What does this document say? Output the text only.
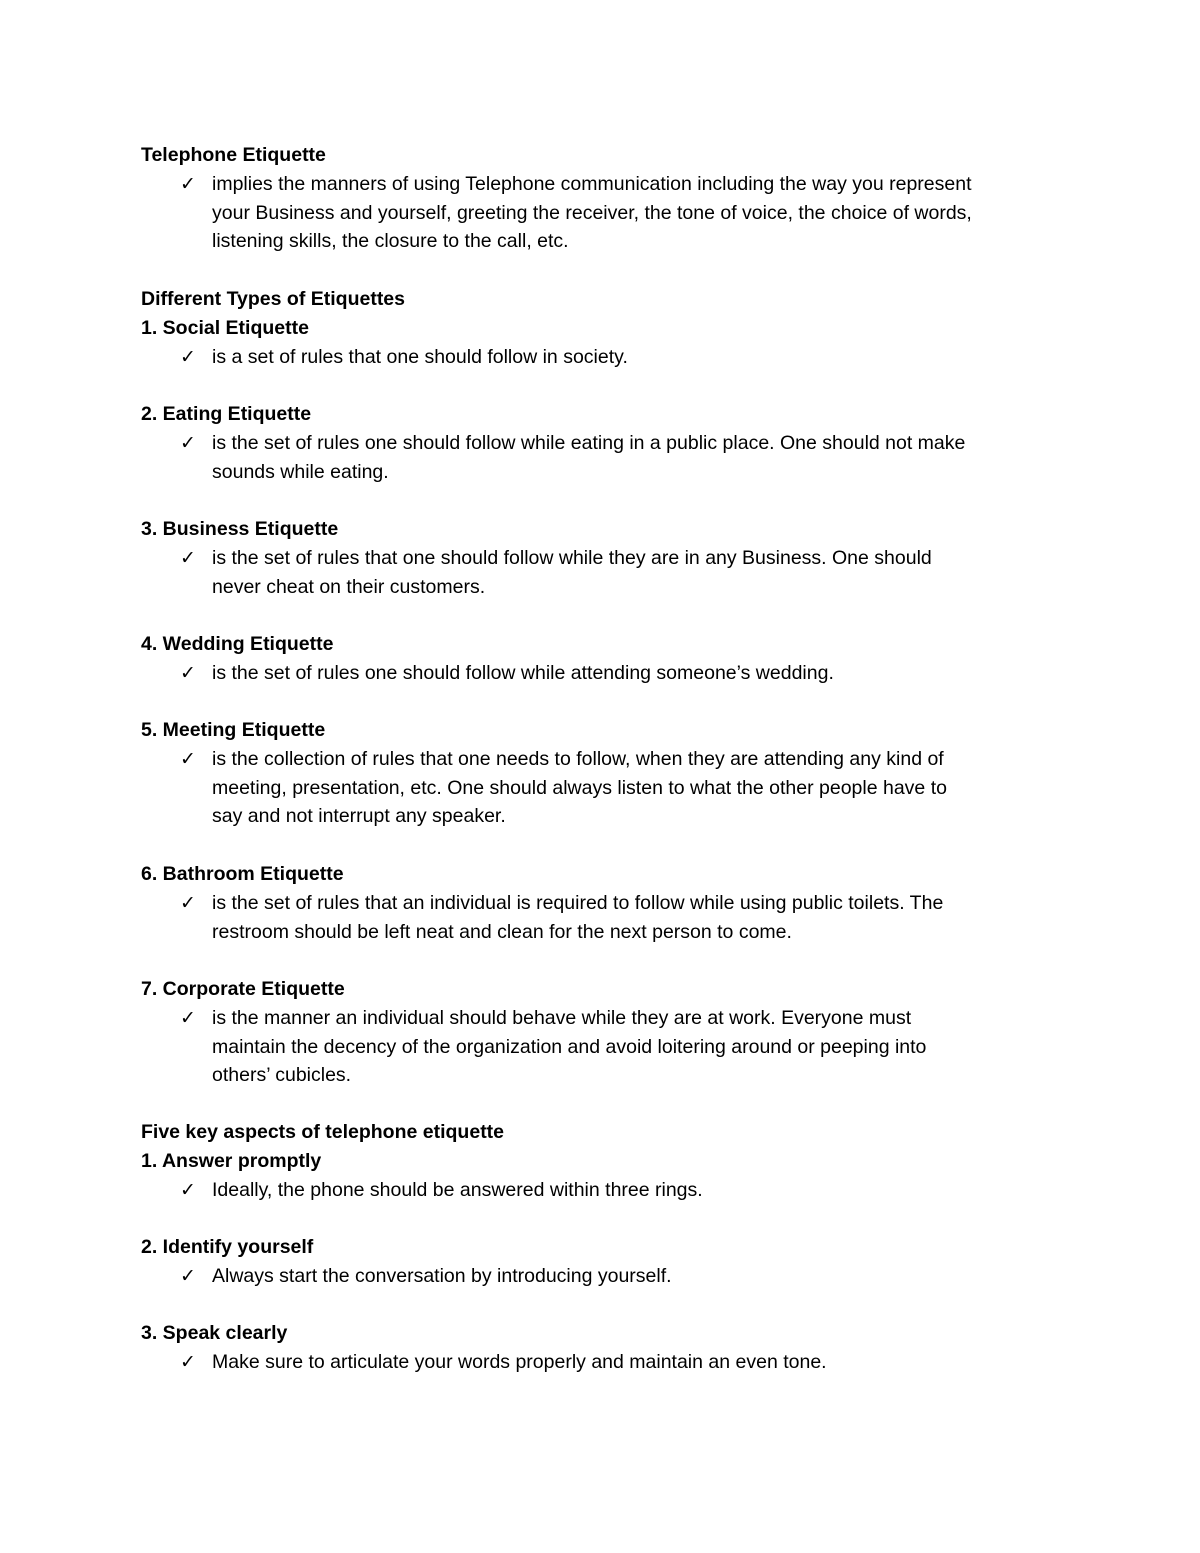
Telephone Etiquette

✓ implies the manners of using Telephone communication including the way you represent
your Business and yourself, greeting the receiver, the tone of voice, the choice of words,
listening skills, the closure to the call, etc.

Different Types of Etiquettes

1. Social Etiquette

✓ is a set of rules that one should follow in society.

2. Eating Etiquette

✓ is the set of rules one should follow while eating in a public place. One should not make
sounds while eating.

3. Business Etiquette

✓ is the set of rules that one should follow while they are in any Business. One should
never cheat on their customers.

4. Wedding Etiquette

✓ is the set of rules one should follow while attending someone’s wedding.

5. Meeting Etiquette

✓ is the collection of rules that one needs to follow, when they are attending any kind of
meeting, presentation, etc. One should always listen to what the other people have to
say and not interrupt any speaker.

6. Bathroom Etiquette

✓ is the set of rules that an individual is required to follow while using public toilets. The
restroom should be left neat and clean for the next person to come.

7. Corporate Etiquette

✓ is the manner an individual should behave while they are at work. Everyone must
maintain the decency of the organization and avoid loitering around or peeping into
others’ cubicles.

Five key aspects of telephone etiquette

1. Answer promptly

✓ Ideally, the phone should be answered within three rings.

2. Identify yourself

✓ Always start the conversation by introducing yourself.

3. Speak clearly

✓ Make sure to articulate your words properly and maintain an even tone.
